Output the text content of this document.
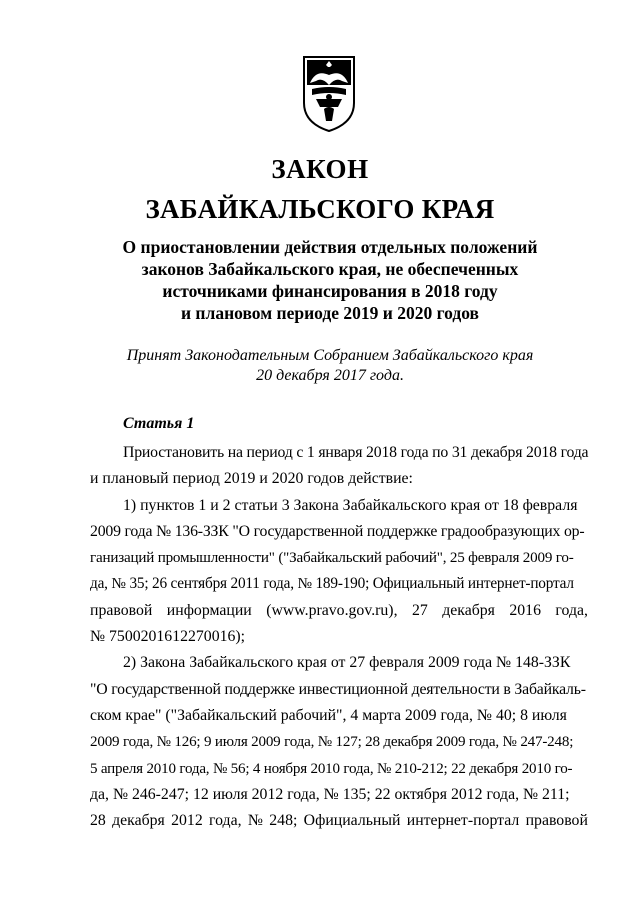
ЗАКОН
ЗАБАЙКАЛЬСКОГО КРАЯ
О приостановлении действия отдельных положений
законов Забайкальского края, не обеспеченных
источниками финансирования в 2018 году
и плановом периоде 2019 и 2020 годов
Принят Законодательным Собранием Забайкальского края
20 декабря 2017 года.
Статья 1
Приостановить на период с 1 января 2018 года по 31 декабря 2018 года
и плановый период 2019 и 2020 годов действие:
1) пунктов 1 и 2 статьи 3 Закона Забайкальского края от 18 февраля
2009 года № 136-ЗЗК "О государственной поддержке градообразующих ор-
ганизаций промышленности" ("Забайкальский рабочий", 25 февраля 2009 го-
да, № 35; 26 сентября 2011 года, № 189-190; Официальный интернет-портал
правовой информации (www.pravo.gov.ru), 27 декабря 2016 года,
№ 7500201612270016);
2) Закона Забайкальского края от 27 февраля 2009 года № 148-ЗЗК
"О государственной поддержке инвестиционной деятельности в Забайкаль-
ском крае" ("Забайкальский рабочий", 4 марта 2009 года, № 40; 8 июля
2009 года, № 126; 9 июля 2009 года, № 127; 28 декабря 2009 года, № 247-248;
5 апреля 2010 года, № 56; 4 ноября 2010 года, № 210-212; 22 декабря 2010 го-
да, № 246-247; 12 июля 2012 года, № 135; 22 октября 2012 года, № 211;
28 декабря 2012 года, № 248; Официальный интернет-портал правовой
